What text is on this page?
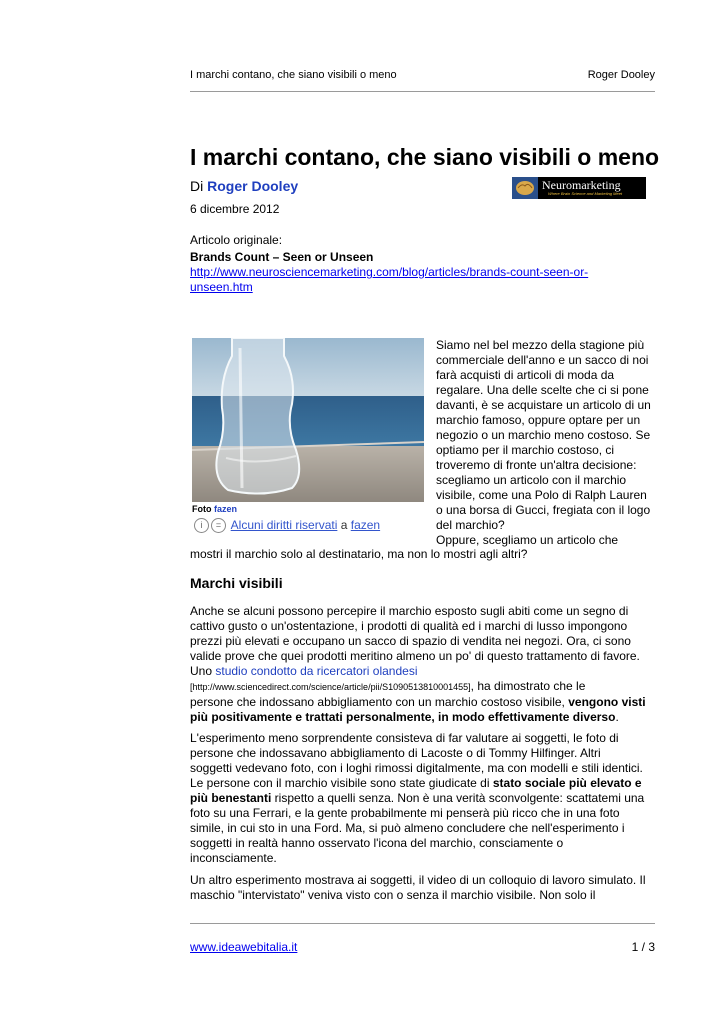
I marchi contano, che siano visibili o meno	Roger Dooley
I marchi contano, che siano visibili o meno
Di Roger Dooley	Neuromarketing
Where Brain Science and Marketing Meet
6 dicembre 2012
Articolo originale:
Brands Count – Seen or Unseen
http://www.neurosciencemarketing.com/blog/articles/brands-count-seen-or-
unseen.htm
Foto fazen
i = Alcuni diritti riservati a fazen
Siamo nel bel mezzo della stagione più
commerciale dell'anno e un sacco di noi
farà acquisti di articoli di moda da
regalare. Una delle scelte che ci si pone
davanti, è se acquistare un articolo di un
marchio famoso, oppure optare per un
negozio o un marchio meno costoso. Se
optiamo per il marchio costoso, ci
troveremo di fronte un'altra decisione:
scegliamo un articolo con il marchio
visibile, come una Polo di Ralph Lauren
o una borsa di Gucci, fregiata con il logo
del marchio?
Oppure, scegliamo un articolo che
mostri il marchio solo al destinatario, ma non lo mostri agli altri?
Marchi visibili
Anche se alcuni possono percepire il marchio esposto sugli abiti come un segno di
cattivo gusto o un'ostentazione, i prodotti di qualità ed i marchi di lusso impongono
prezzi più elevati e occupano un sacco di spazio di vendita nei negozi. Ora, ci sono
valide prove che quei prodotti meritino almeno un po' di questo trattamento di favore.
Uno studio condotto da ricercatori olandesi
[http://www.sciencedirect.com/science/article/pii/S1090513810001455], ha dimostrato che le
persone che indossano abbigliamento con un marchio costoso visibile, vengono visti
più positivamente e trattati personalmente, in modo effettivamente diverso.
L'esperimento meno sorprendente consisteva di far valutare ai soggetti, le foto di
persone che indossavano abbigliamento di Lacoste o di Tommy Hilfinger. Altri
soggetti vedevano foto, con i loghi rimossi digitalmente, ma con modelli e stili identici.
Le persone con il marchio visibile sono state giudicate di stato sociale più elevato e
più benestanti rispetto a quelli senza. Non è una verità sconvolgente: scattatemi una
foto su una Ferrari, e la gente probabilmente mi penserà più ricco che in una foto
simile, in cui sto in una Ford. Ma, si può almeno concludere che nell'esperimento i
soggetti in realtà hanno osservato l'icona del marchio, consciamente o
inconsciamente.
Un altro esperimento mostrava ai soggetti, il video di un colloquio di lavoro simulato. Il
maschio "intervistato" veniva visto con o senza il marchio visibile. Non solo il
www.ideawebitalia.it	1 / 3
